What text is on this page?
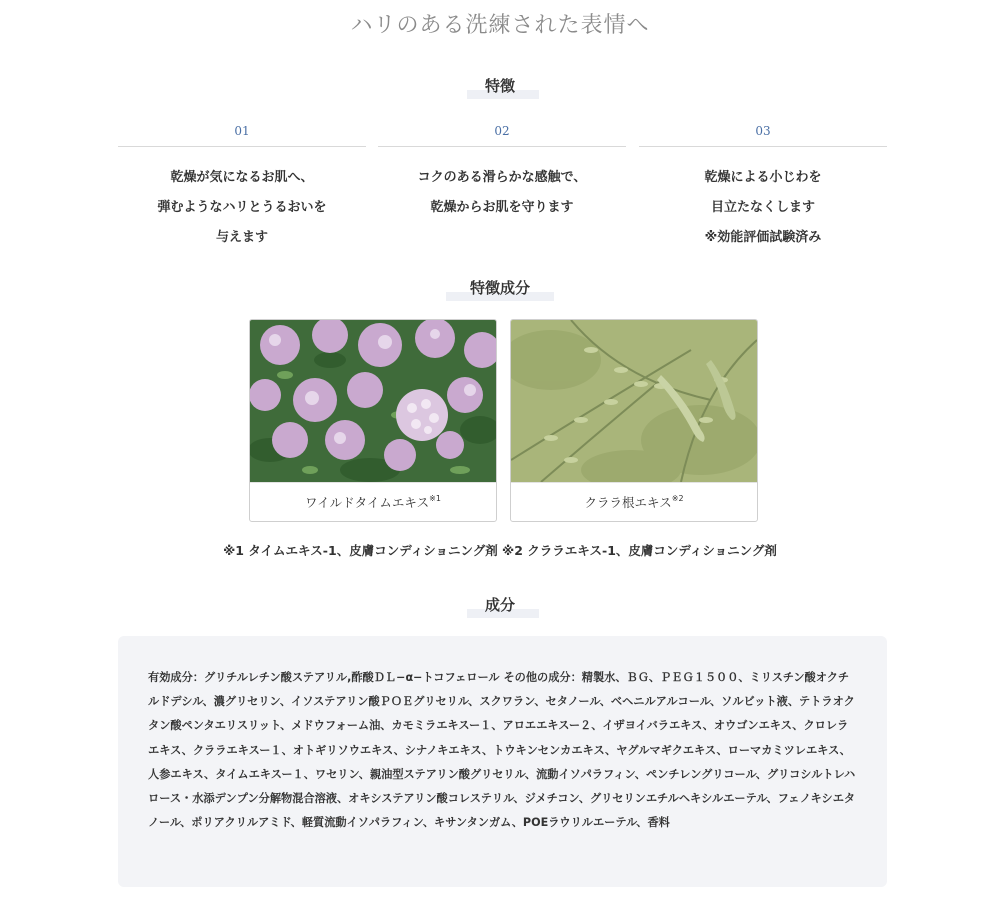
ハリのある洗練された表情へ
特徴
01
乾燥が気になるお肌へ、
弾むようなハリとうるおいを
与えます
02
コクのある滑らかな感触で、
乾燥からお肌を守ります
03
乾燥による小じわを
目立たなくします
※効能評価試験済み
特徴成分
ワイルドタイムエキス$^{※1}$	クララ根エキス$^{※2}$
※1 タイムエキス-1、皮膚コンディショニング剤 ※2 クララエキス-1、皮膚コンディショニング剤
成分
有効成分：グリチルレチン酸ステアリル,酢酸ＤＬ−α−トコフェロール その他の成分：精製水、ＢＧ、ＰＥＧ１５００、ミリスチン酸オクチルドデシル、濃グリセリン、イソステアリン酸ＰＯＥグリセリル、スクワラン、セタノール、ベヘニルアルコール、ソルビット液、テトラオクタン酸ペンタエリスリット、メドウフォーム油、カモミラエキスー１、アロエエキスー２、イザヨイバラエキス、オウゴンエキス、クロレラエキス、クララエキスー１、オトギリソウエキス、シナノキエキス、トウキンセンカエキス、ヤグルマギクエキス、ローマカミツレエキス、人参エキス、タイムエキスー１、ワセリン、親油型ステアリン酸グリセリル、流動イソパラフィン、ペンチレングリコール、グリコシルトレハロース・水添デンプン分解物混合溶液、オキシステアリン酸コレステリル、ジメチコン、グリセリンエチルヘキシルエーテル、フェノキシエタノール、ポリアクリルアミド、軽質流動イソパラフィン、キサンタンガム、POEラウリルエーテル、香料
